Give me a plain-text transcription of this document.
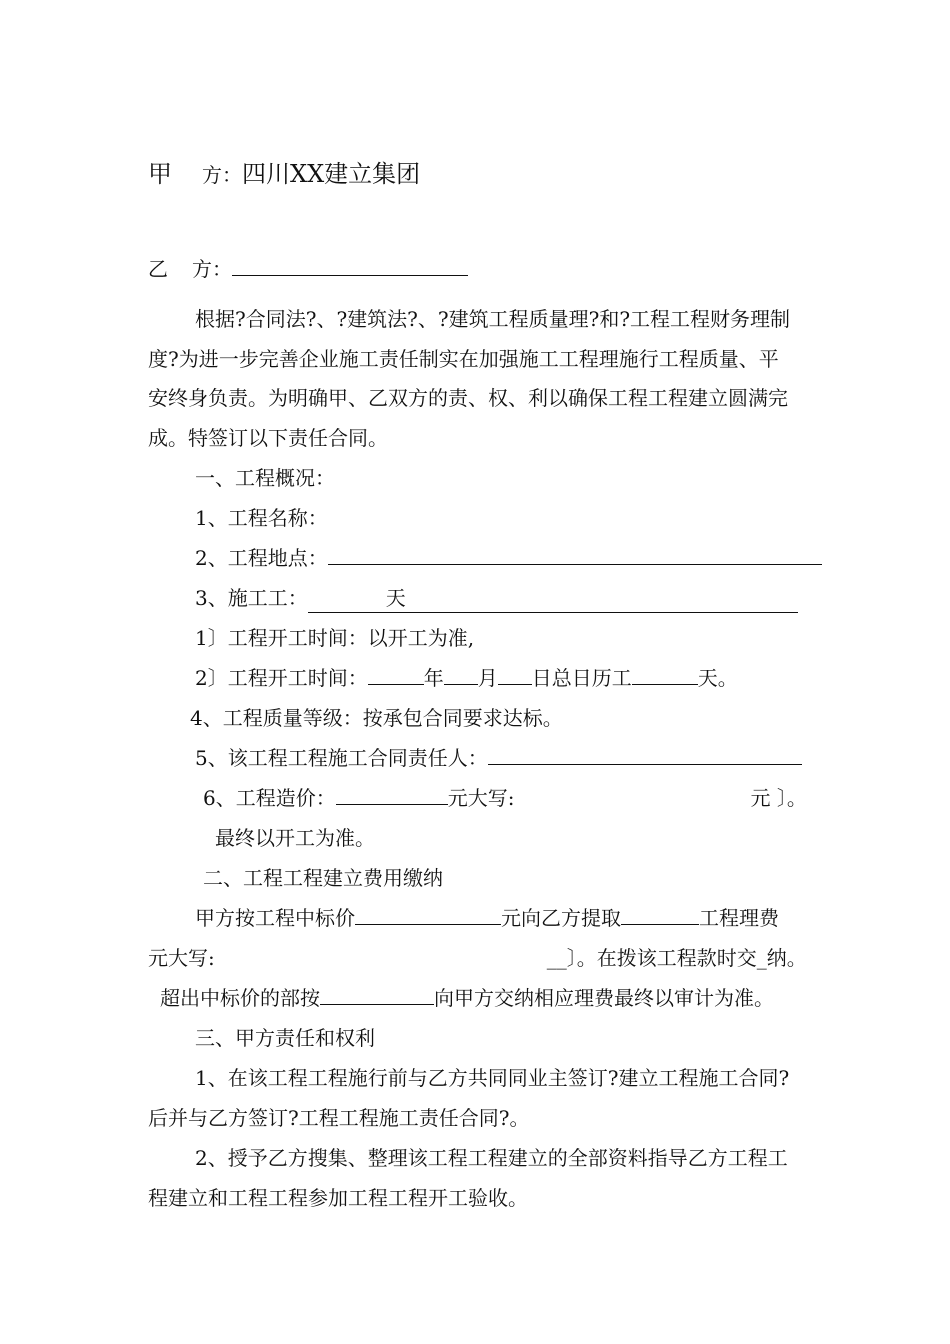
甲 方：四川XX建立集团
乙 方：
根据?合同法?、?建筑法?、?建筑工程质量理?和?工程工程财务理制
度?为进一步完善企业施工责任制实在加强施工工程理施行工程质量、平
安终身负责。为明确甲、乙双方的责、权、利以确保工程工程建立圆满完
成。特签订以下责任合同。
一、工程概况：
1、工程名称：
2、工程地点：
3、施工工：	天
1〕工程开工时间：以开工为准,
2〕工程开工时间：	年 月 日总日历工	天。
4、工程质量等级：按承包合同要求达标。
5、该工程工程施工合同责任人：
6、工程造价：	元大写:	元 〕。
最终以开工为准。
二、工程工程建立费用缴纳
甲方按工程中标价	元向乙方提取	工程理费
元大写:	__〕。在拨该工程款时交_纳。
超出中标价的部按	向甲方交纳相应理费最终以审计为准。
三、甲方责任和权利
1、在该工程工程施行前与乙方共同同业主签订?建立工程施工合同?
后并与乙方签订?工程工程施工责任合同?。
2、授予乙方搜集、整理该工程工程建立的全部资料指导乙方工程工
程建立和工程工程参加工程工程开工验收。
